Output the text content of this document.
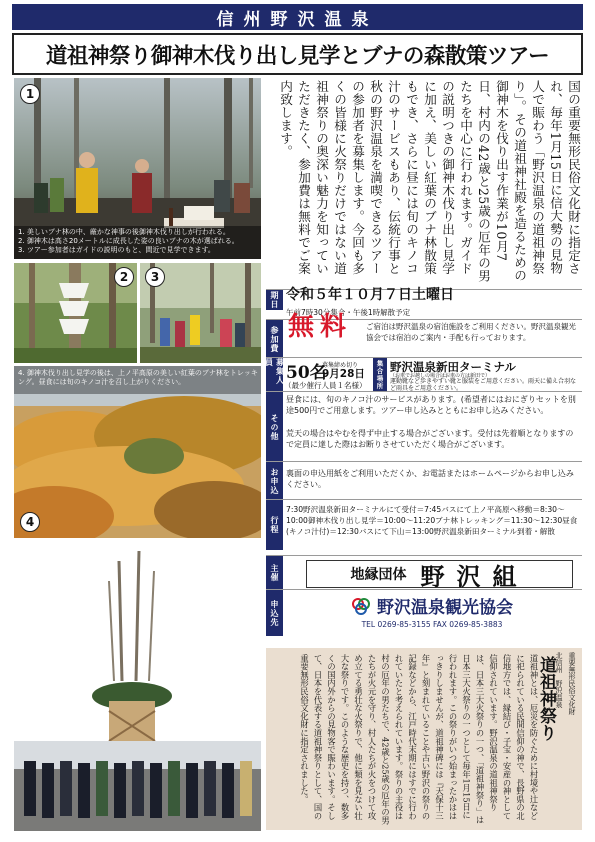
信州野沢温泉
道祖神祭り御神木伐り出し見学とブナの森散策ツアー
1
1. 美しいブナ林の中、厳かな神事の後御神木伐り出しが行われる。
2. 御神木は高さ20メートルに成長した姿の良いブナの木が選ばれる。
3. ツアー参加者はガイドの説明のもと、間近で見学できます。
2	3
4. 御神木伐り出し見学の後は、上ノ平高原の美しい紅葉のブナ林をトレッキング。昼食には旬のキノコ汁を召し上がりください。
4
国の重要無形民俗文化財に指定され、毎年1月15日に信大勢の見物人で賑わう「野沢温泉の道祖神祭り」。その道祖神社殿を造るための御神木を伐り出す作業が10月7日、村内の42歳と25歳の厄年の男たちを中心に行われます。ガイドの説明つきの御神木伐り出し見学に加え、美しい紅葉のブナ林散策もでき、さらに昼には旬のキノコ汁のサービスもあり、伝統行事と秋の野沢温泉を満喫できるツアーの参加者を募集します。今回も多くの皆様に火祭りだけではない道祖神祭りの奥深い魅力を知っていただきたく、参加費は無料でご案内致します。
期日 令和５年１０月７日土曜日
午前7時30分集合・午後1時解散予定
参加費 無料 ご宿泊は野沢温泉の宿泊施設をご利用ください。野沢温泉観光協会では宿泊のご案内・手配も行っております。
募集人員
50名
募集締め切り
9月28日
（最少催行人員１名様）	集合場所 野沢温泉新田ターミナル
（お車でお越しの場合はお車の方は新田で）
運動靴など歩きやすい靴と服装をご用意ください。雨天に備え合羽など雨具をご用意ください。
その他
昼食には、旬のキノコ汁のサービスがあります。(希望者にはおにぎりセットを別途500円でご用意します。ツアー申し込みとともにお申し込みください。
荒天の場合はやむを得ず中止する場合がございます。受付は先着順となりますので定員に達した際はお断りさせていただく場合がございます。
お申込 裏面の申込用紙をご利用いただくか、お電話またはホームページからお申し込みください。
行程
7:30野沢温泉新田ターミナルにて受付＝7:45バスにて上ノ平高原へ移動＝8:30〜10:00御神木伐り出し見学＝10:00〜11:20ブナ林トレッキング＝11:30〜12:30昼食(キノコ汁付)＝12:30バスにて下山＝13:00野沢温泉新田ターミナル到着・解散
主催	地縁団体 野沢組
申込先	野沢温泉観光協会
TEL 0269-85-3155 FAX 0269-85-3883
重要無形民俗文化財
北信州　野沢温泉
道祖神祭り
道祖神とは、厄災を防ぐために村境や辻などに祀られている民間信仰の神で、長野県の北信地方では、縁結び・子宝・安産の神として信仰されています。野沢温泉の道祖神祭りは、日本三大火祭りの一つ、「道祖神祭り」は日本三大火祭りの一つとして毎年1月15日に行われます。この祭りがいつ始まったかははっきりしませんが、道祖神碑には『天保十三年』と刻まれていることや古い野沢の祭りの記録などから、江戸時代末期にはすでに行われていたと考えられています。祭りの主役は村の厄年の男たちで、42歳と25歳の厄年の男たちが火元を守り、村人たちが火をつけて攻め立てる勇壮な火祭りで、他に類を見ない壮大な祭りです。このような歴史を持つ、数多くの国内外からの見物客で賑わいます。そして、日本を代表する道祖神祭りとして、国の重要無形民俗文化財に指定されました。
